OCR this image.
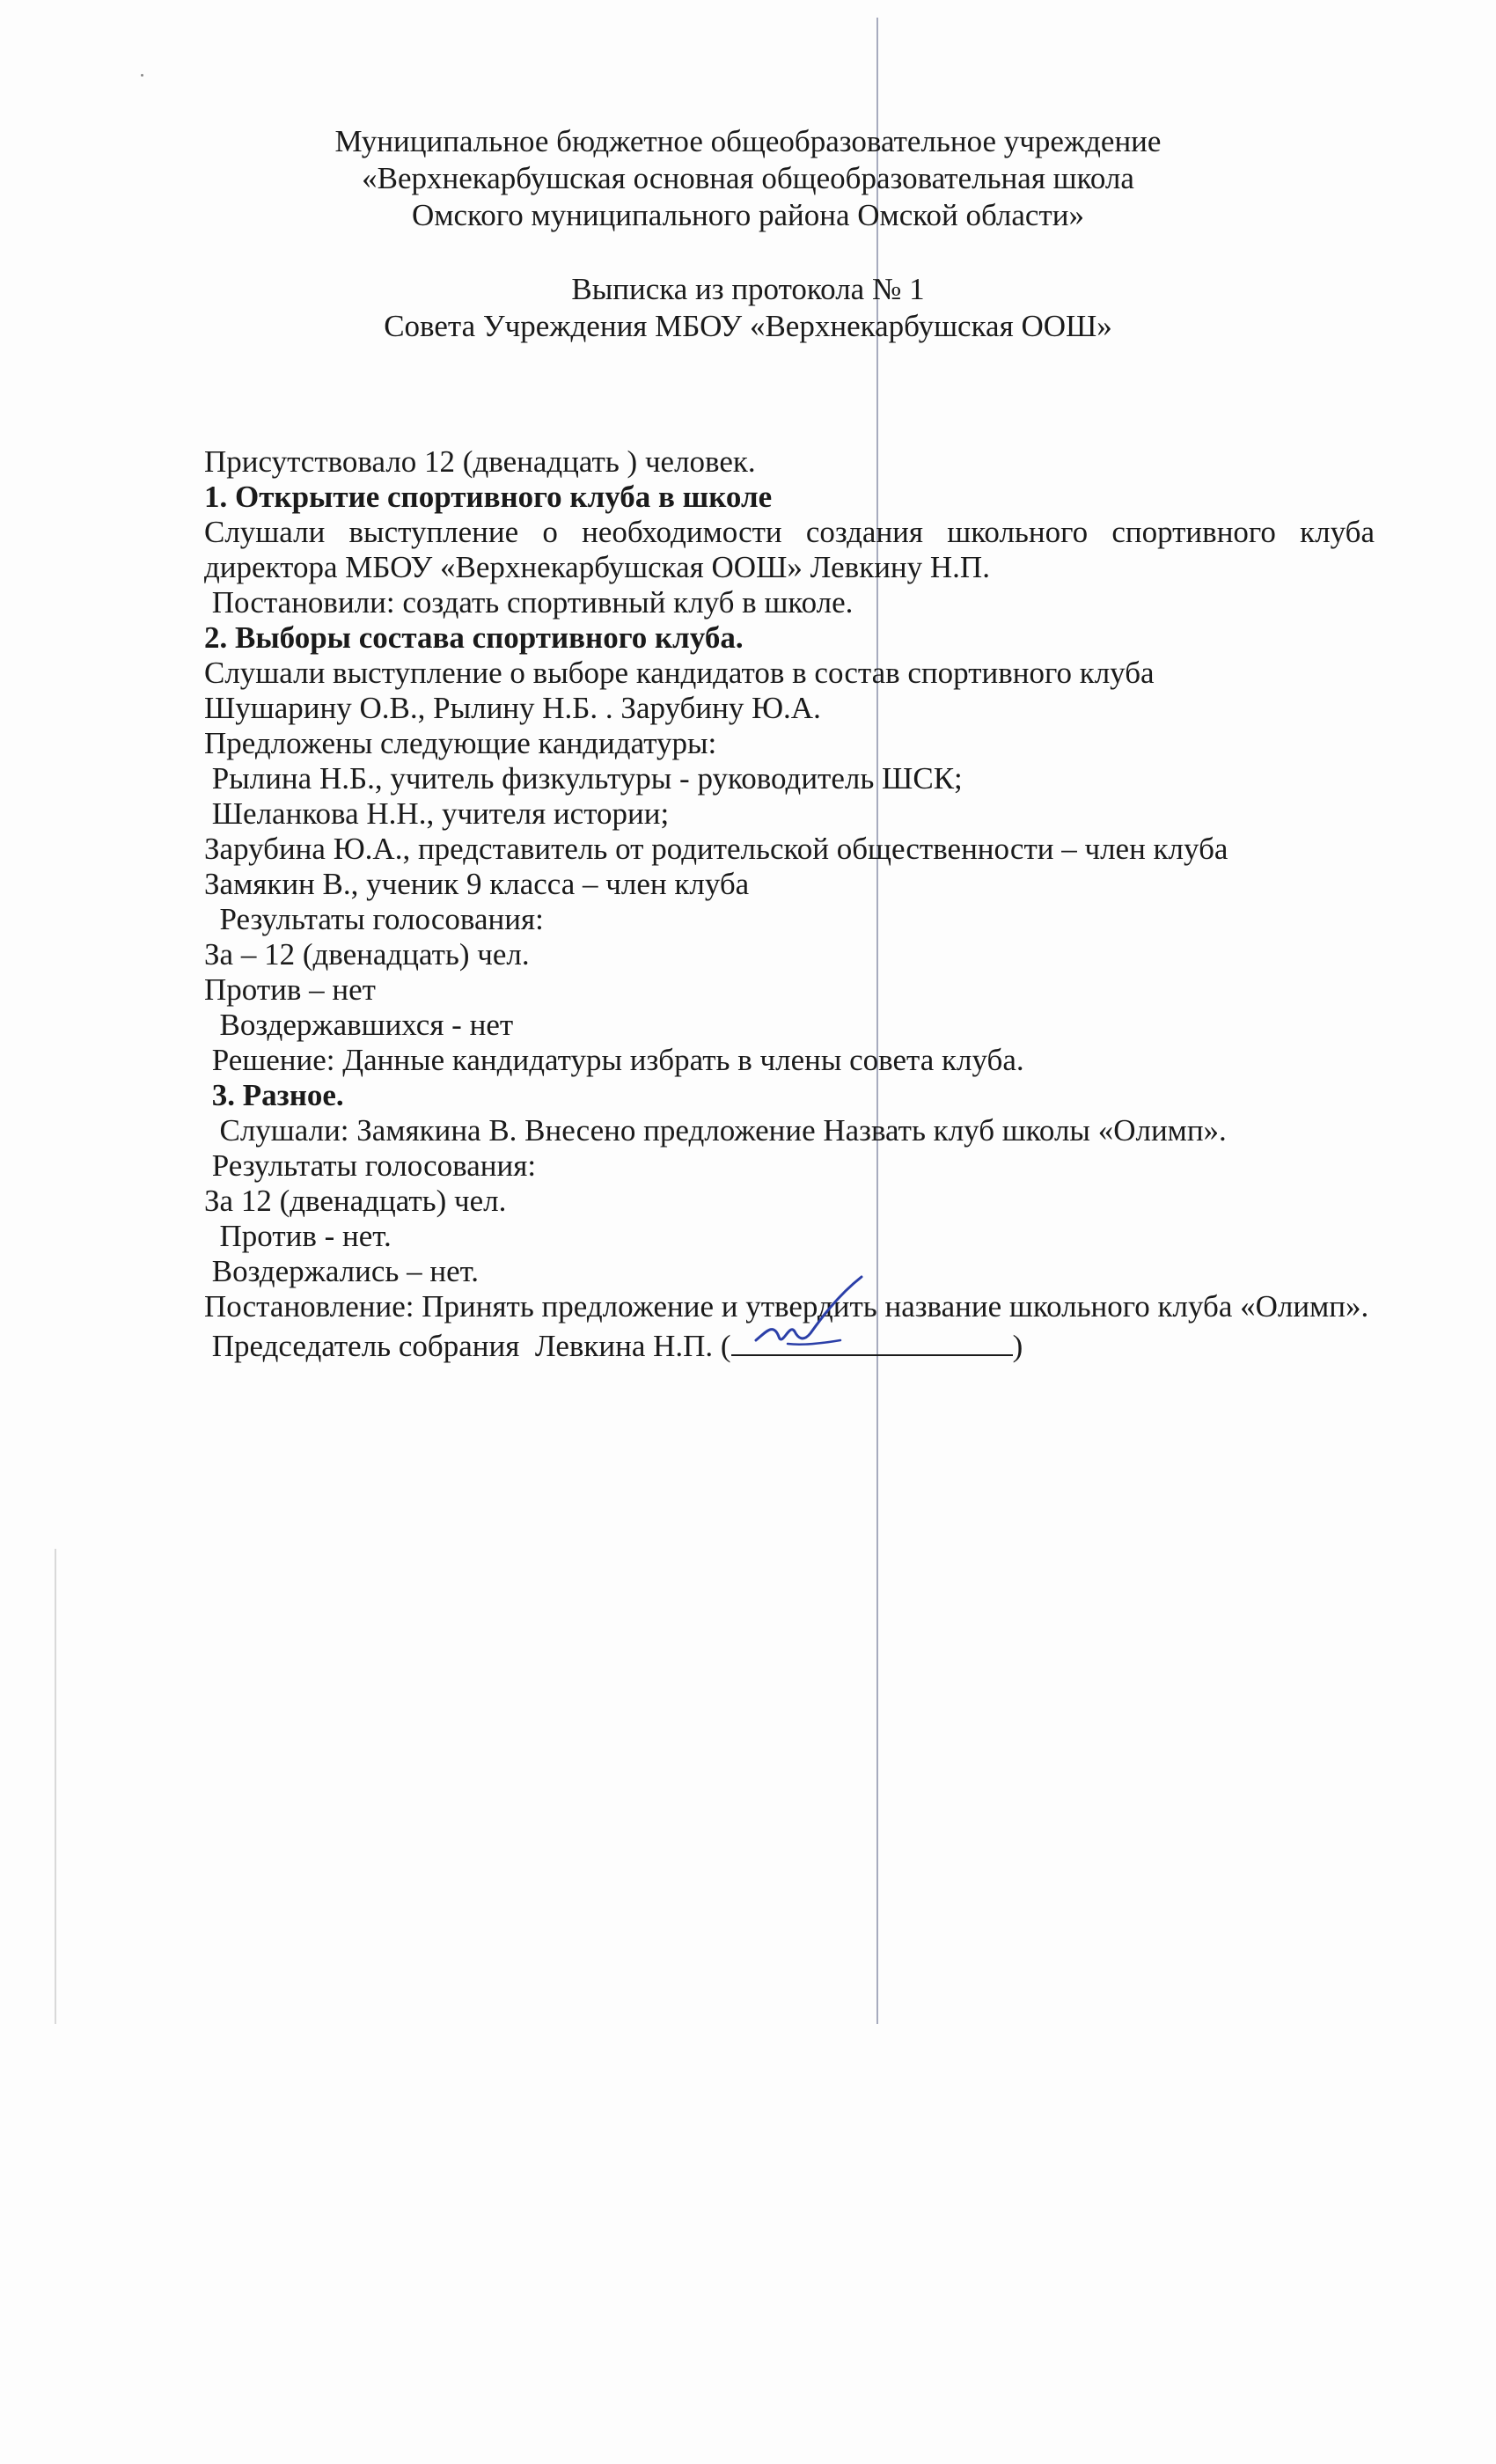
Муниципальное бюджетное общеобразовательное учреждение
«Верхнекарбушская основная общеобразовательная школа
Омского муниципального района Омской области»
Выписка из протокола № 1
Совета Учреждения МБОУ «Верхнекарбушская ООШ»

Присутствовало 12 (двенадцать ) человек.

1. Открытие спортивного клуба в школе

Слушали выступление о необходимости создания школьного спортивного клуба директора МБОУ «Верхнекарбушская ООШ» Левкину Н.П.

Постановили: создать спортивный клуб в школе.

2. Выборы состава спортивного клуба.

Слушали выступление о выборе кандидатов в состав спортивного клуба

Шушарину О.В., Рылину Н.Б. . Зарубину Ю.А.

Предложены следующие кандидатуры:

Рылина Н.Б., учитель физкультуры - руководитель ШСК;

Шеланкова Н.Н., учителя истории;

Зарубина Ю.А., представитель от родительской общественности – член клуба

Замякин В., ученик 9 класса – член клуба

Результаты голосования:

За – 12 (двенадцать) чел.

Против – нет

Воздержавшихся - нет

Решение: Данные кандидатуры избрать в члены совета клуба.

3. Разное.

Слушали: Замякина В. Внесено предложение Назвать клуб школы «Олимп».

Результаты голосования:

За 12 (двенадцать) чел.

Против - нет.

Воздержались – нет.

Постановление: Принять предложение и утвердить название школьного клуба «Олимп».

Председатель собрания  Левкина Н.П. (	)
